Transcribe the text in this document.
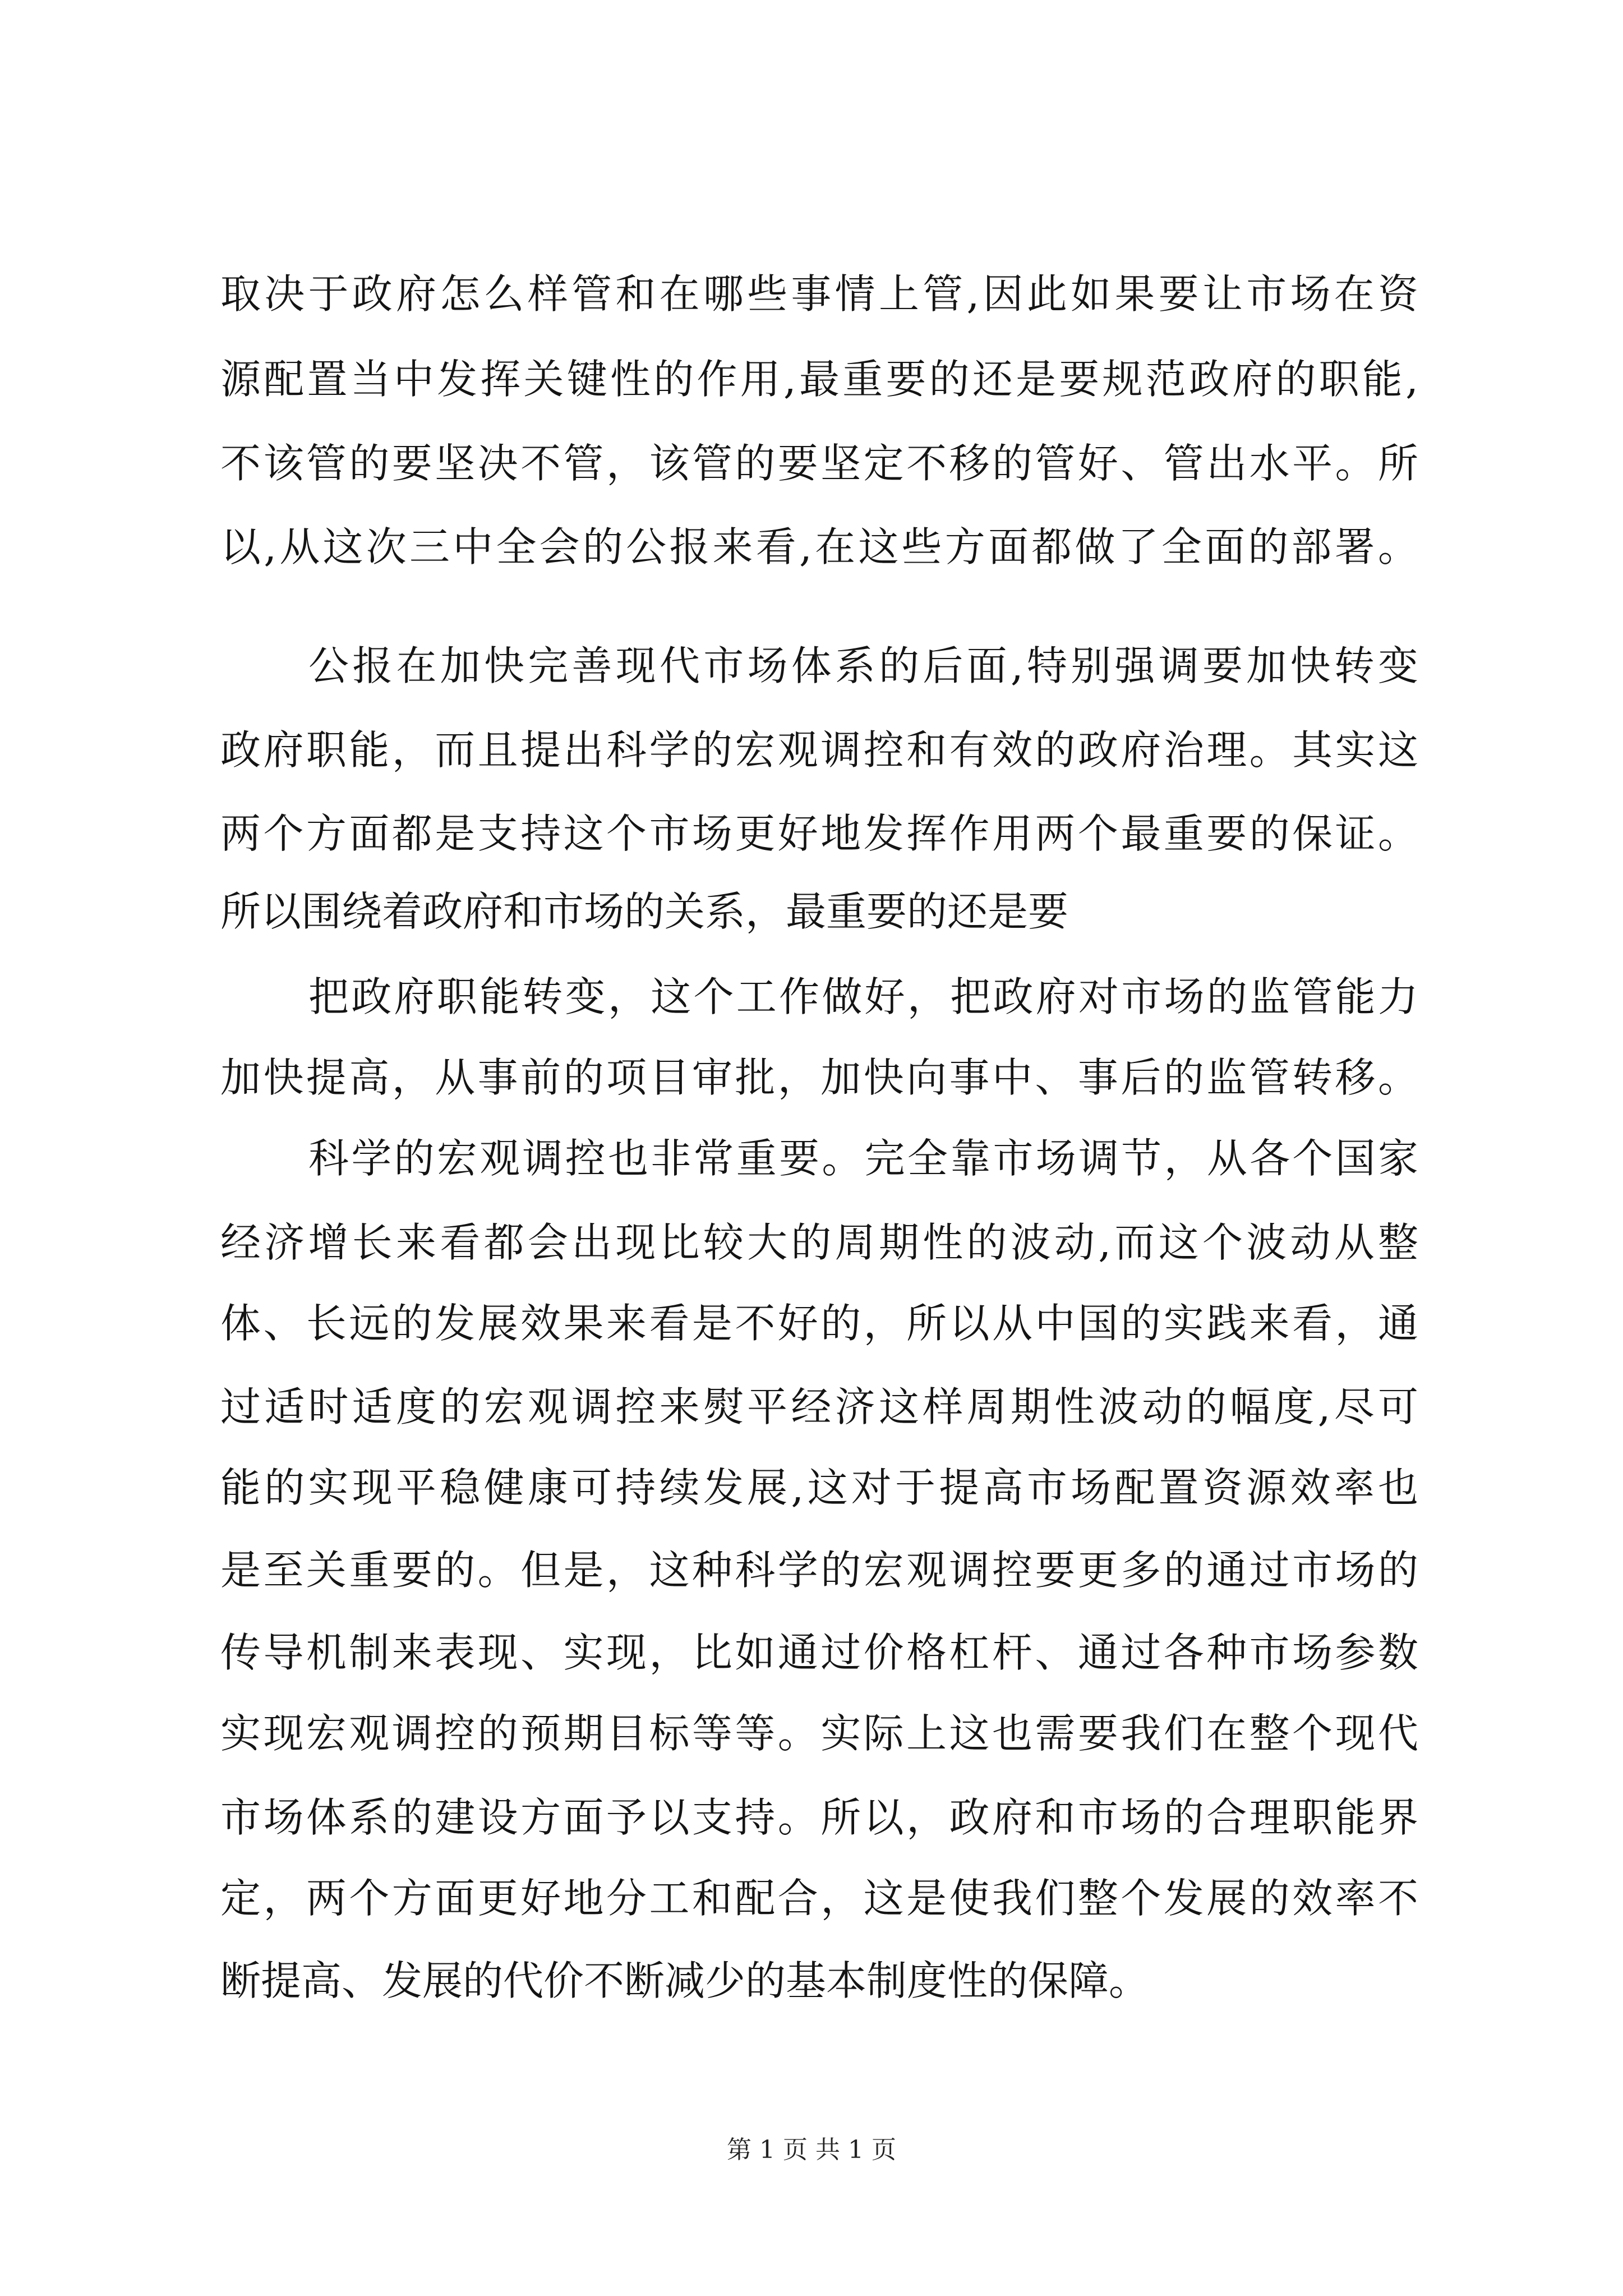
取决于政府怎么样管和在哪些事情上管,因此如果要让市场在资
源配置当中发挥关键性的作用,最重要的还是要规范政府的职能,
不该管的要坚决不管，该管的要坚定不移的管好、管出水平。所
以,从这次三中全会的公报来看,在这些方面都做了全面的部署。
公报在加快完善现代市场体系的后面,特别强调要加快转变
政府职能，而且提出科学的宏观调控和有效的政府治理。其实这
两个方面都是支持这个市场更好地发挥作用两个最重要的保证。
所以围绕着政府和市场的关系，最重要的还是要
把政府职能转变，这个工作做好，把政府对市场的监管能力
加快提高，从事前的项目审批，加快向事中、事后的监管转移。
科学的宏观调控也非常重要。完全靠市场调节，从各个国家
经济增长来看都会出现比较大的周期性的波动,而这个波动从整
体、长远的发展效果来看是不好的，所以从中国的实践来看，通
过适时适度的宏观调控来熨平经济这样周期性波动的幅度,尽可
能的实现平稳健康可持续发展,这对于提高市场配置资源效率也
是至关重要的。但是，这种科学的宏观调控要更多的通过市场的
传导机制来表现、实现，比如通过价格杠杆、通过各种市场参数
实现宏观调控的预期目标等等。实际上这也需要我们在整个现代
市场体系的建设方面予以支持。所以，政府和市场的合理职能界
定，两个方面更好地分工和配合，这是使我们整个发展的效率不
断提高、发展的代价不断减少的基本制度性的保障。
第 1 页 共 1 页
